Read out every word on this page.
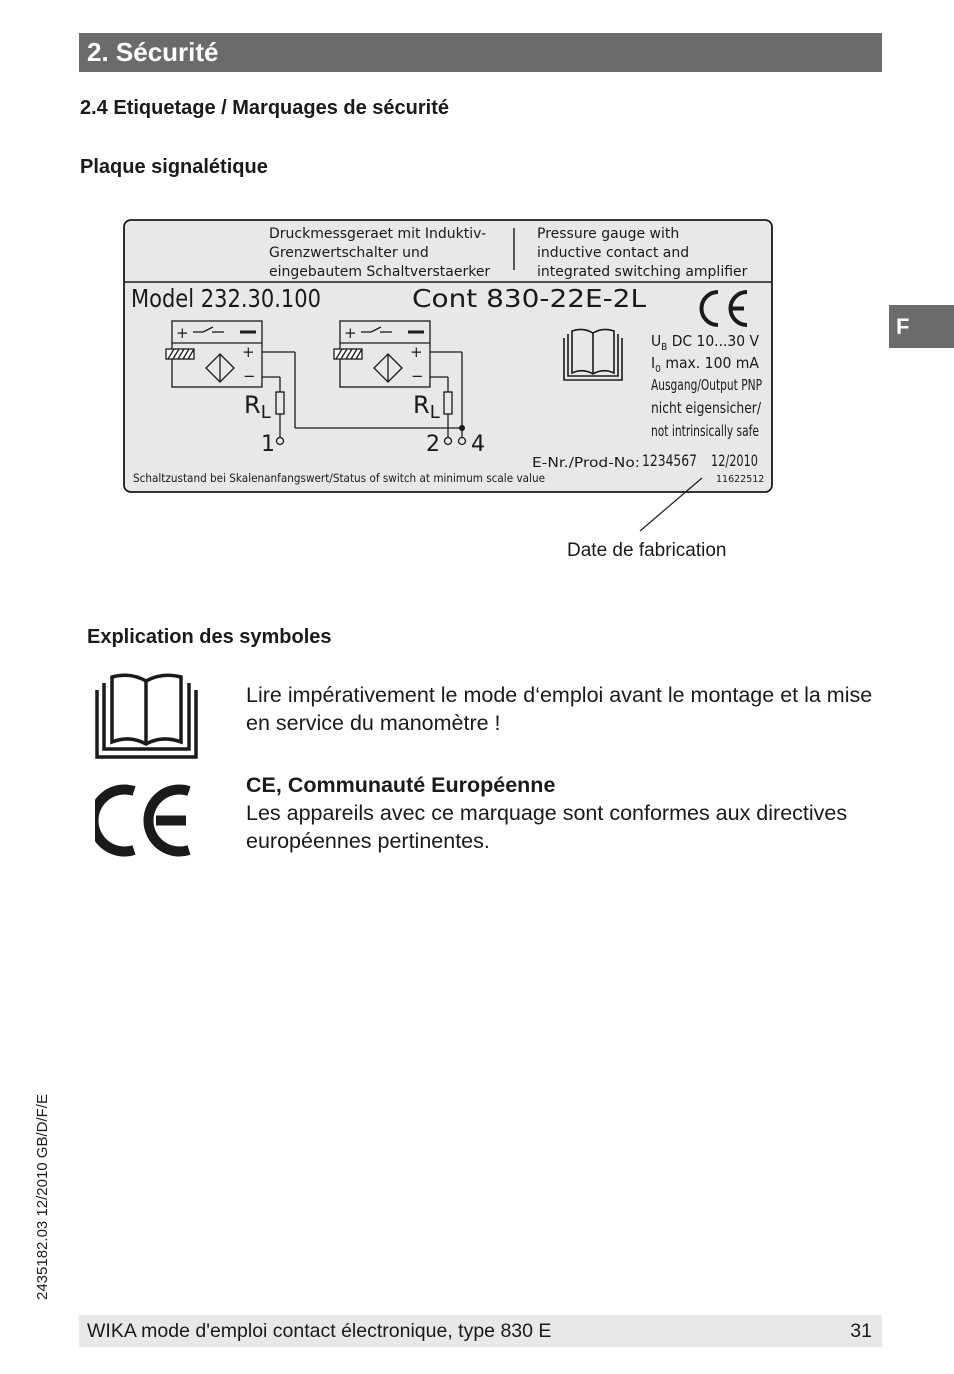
2. Sécurité
2.4 Etiquetage / Marquages de sécurité
Plaque signalétique
F
Druckmessgeraet mit Induktiv-
Grenzwertschalter und
eingebautem Schaltverstaerker
Pressure gauge with
inductive contact and
integrated switching amplifier
Model 232.30.100	Cont 830-22E-2L
+
+
−
$R_L$
1
+
+
−
$R_L$
2 4
$U_B$ DC 10...30 V
$I_0$ max. 100 mA
Ausgang/Output PNP
nicht eigensicher/
not intrinsically safe
E-Nr./Prod-No: 1234567 12/2010
11622512
Schaltzustand bei Skalenanfangswert/Status of switch at minimum scale value
Date de fabrication
Explication des symboles
Lire impérativement le mode d‘emploi avant le montage et la mise en service du manomètre !
CE, Communauté Européenne
Les appareils avec ce marquage sont conformes aux directives européennes pertinentes.
2435182.03 12/2010 GB/D/F/E
WIKA mode d'emploi contact électronique, type 830 E	31
